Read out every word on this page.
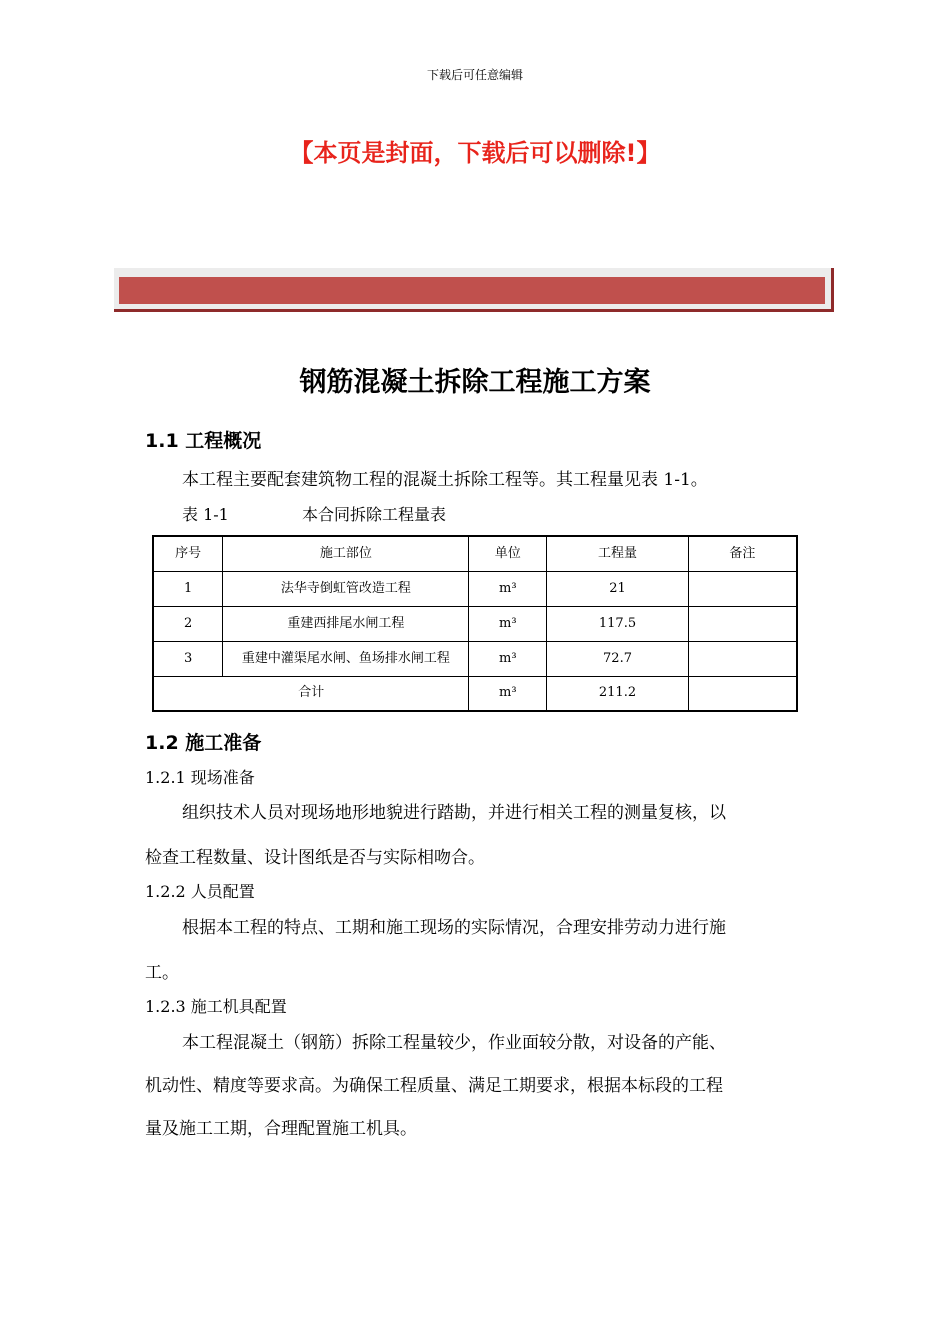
下载后可任意编辑
【本页是封面，下载后可以删除!】
钢筋混凝土拆除工程施工方案
1.1 工程概况
本工程主要配套建筑物工程的混凝土拆除工程等。其工程量见表 1-1。
表 1-1	本合同拆除工程量表
序号	施工部位	单位	工程量	备注
1	法华寺倒虹管改造工程	m³	21	
2	重建西排尾水闸工程	m³	117.5	
3	重建中灌渠尾水闸、鱼场排水闸工程	m³	72.7	
合计		m³	211.2	
1.2 施工准备
1.2.1 现场准备
组织技术人员对现场地形地貌进行踏勘，并进行相关工程的测量复核，以
检查工程数量、设计图纸是否与实际相吻合。
1.2.2 人员配置
根据本工程的特点、工期和施工现场的实际情况，合理安排劳动力进行施
工。
1.2.3 施工机具配置
本工程混凝土（钢筋）拆除工程量较少，作业面较分散，对设备的产能、
机动性、精度等要求高。为确保工程质量、满足工期要求，根据本标段的工程
量及施工工期，合理配置施工机具。
